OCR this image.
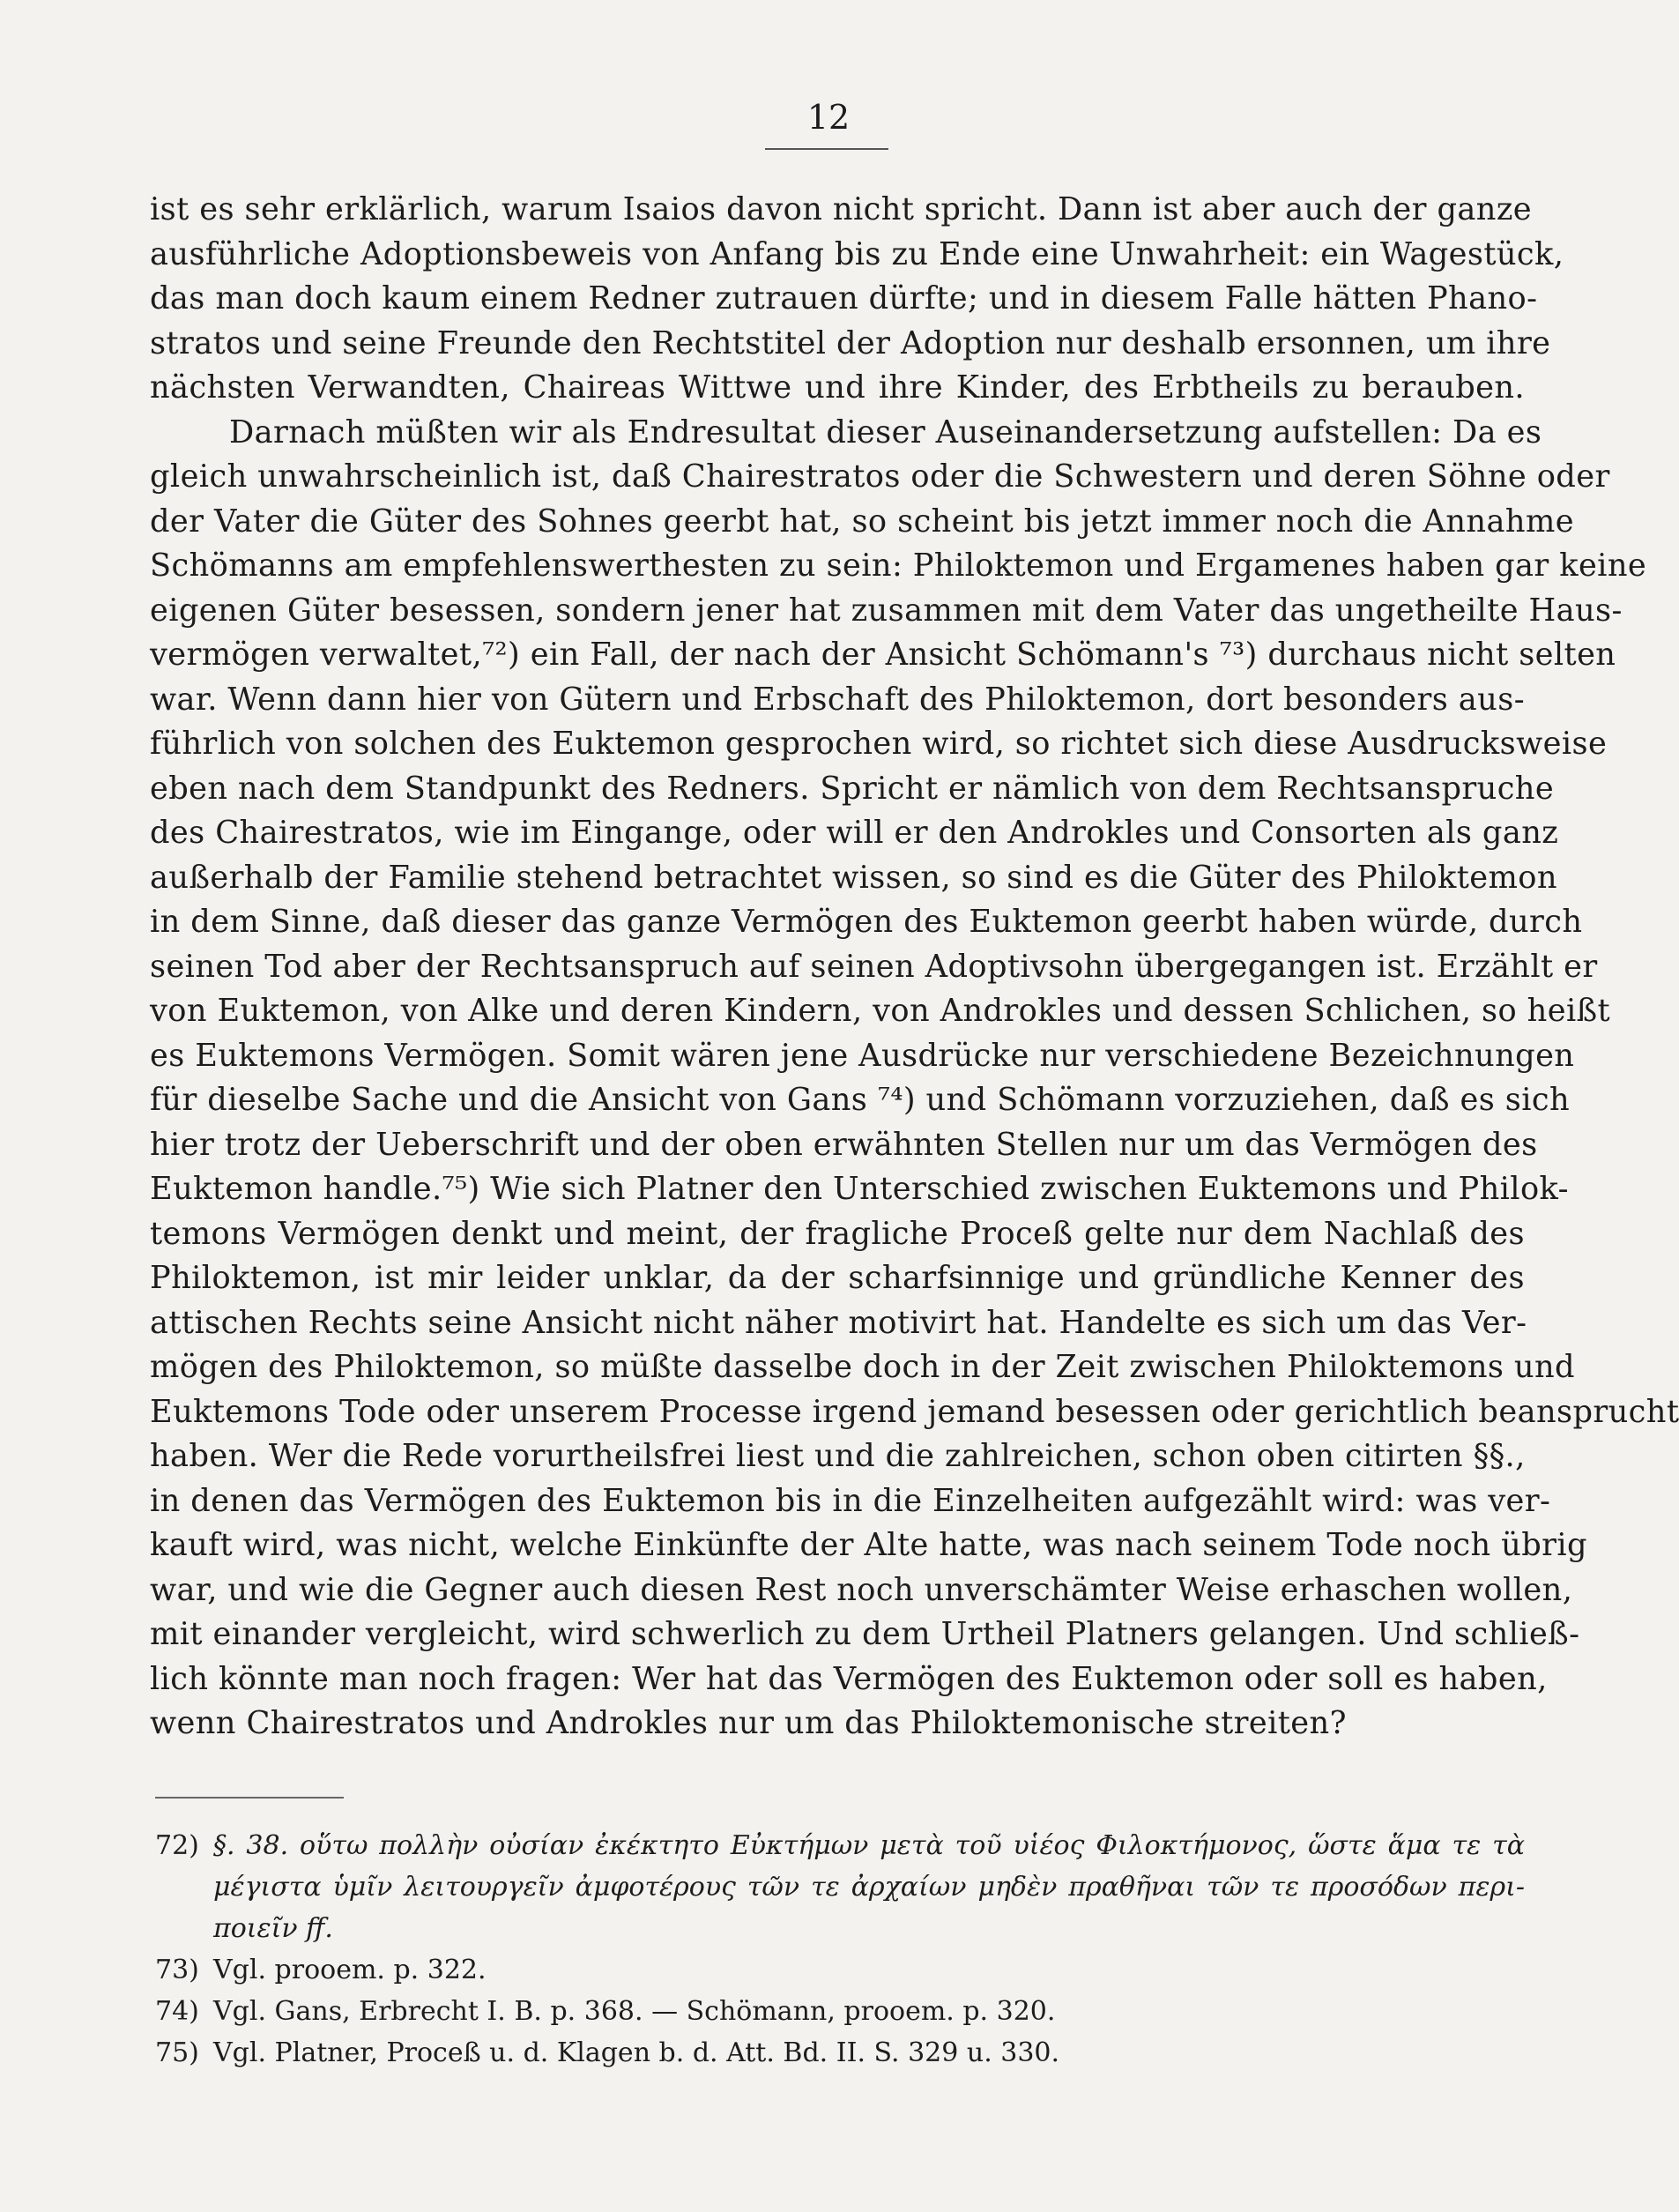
12
ist es sehr erklärlich, warum Isaios davon nicht spricht. Dann ist aber auch der ganze
ausführliche Adoptionsbeweis von Anfang bis zu Ende eine Unwahrheit: ein Wagestück,
das man doch kaum einem Redner zutrauen dürfte; und in diesem Falle hätten Phano-
stratos und seine Freunde den Rechtstitel der Adoption nur deshalb ersonnen, um ihre
nächsten Verwandten, Chaireas Wittwe und ihre Kinder, des Erbtheils zu berauben.
Darnach müßten wir als Endresultat dieser Auseinandersetzung aufstellen: Da es
gleich unwahrscheinlich ist, daß Chairestratos oder die Schwestern und deren Söhne oder
der Vater die Güter des Sohnes geerbt hat, so scheint bis jetzt immer noch die Annahme
Schömanns am empfehlenswerthesten zu sein: Philoktemon und Ergamenes haben gar keine
eigenen Güter besessen, sondern jener hat zusammen mit dem Vater das ungetheilte Haus-
vermögen verwaltet,⁷²) ein Fall, der nach der Ansicht Schömann's ⁷³) durchaus nicht selten
war. Wenn dann hier von Gütern und Erbschaft des Philoktemon, dort besonders aus-
führlich von solchen des Euktemon gesprochen wird, so richtet sich diese Ausdrucksweise
eben nach dem Standpunkt des Redners. Spricht er nämlich von dem Rechtsanspruche
des Chairestratos, wie im Eingange, oder will er den Androkles und Consorten als ganz
außerhalb der Familie stehend betrachtet wissen, so sind es die Güter des Philoktemon
in dem Sinne, daß dieser das ganze Vermögen des Euktemon geerbt haben würde, durch
seinen Tod aber der Rechtsanspruch auf seinen Adoptivsohn übergegangen ist. Erzählt er
von Euktemon, von Alke und deren Kindern, von Androkles und dessen Schlichen, so heißt
es Euktemons Vermögen. Somit wären jene Ausdrücke nur verschiedene Bezeichnungen
für dieselbe Sache und die Ansicht von Gans ⁷⁴) und Schömann vorzuziehen, daß es sich
hier trotz der Ueberschrift und der oben erwähnten Stellen nur um das Vermögen des
Euktemon handle.⁷⁵) Wie sich Platner den Unterschied zwischen Euktemons und Philok-
temons Vermögen denkt und meint, der fragliche Proceß gelte nur dem Nachlaß des
Philoktemon, ist mir leider unklar, da der scharfsinnige und gründliche Kenner des
attischen Rechts seine Ansicht nicht näher motivirt hat. Handelte es sich um das Ver-
mögen des Philoktemon, so müßte dasselbe doch in der Zeit zwischen Philoktemons und
Euktemons Tode oder unserem Processe irgend jemand besessen oder gerichtlich beansprucht
haben. Wer die Rede vorurtheilsfrei liest und die zahlreichen, schon oben citirten §§.,
in denen das Vermögen des Euktemon bis in die Einzelheiten aufgezählt wird: was ver-
kauft wird, was nicht, welche Einkünfte der Alte hatte, was nach seinem Tode noch übrig
war, und wie die Gegner auch diesen Rest noch unverschämter Weise erhaschen wollen,
mit einander vergleicht, wird schwerlich zu dem Urtheil Platners gelangen. Und schließ-
lich könnte man noch fragen: Wer hat das Vermögen des Euktemon oder soll es haben,
wenn Chairestratos und Androkles nur um das Philoktemonische streiten?
72) §. 38. οὕτω πολλὴν οὐσίαν ἐκέκτητο Εὐκτήμων μετὰ τοῦ υἱέος Φιλοκτήμονος, ὥστε ἅμα τε τὰ
μέγιστα ὑμῖν λειτουργεῖν ἀμφοτέρους τῶν τε ἀρχαίων μηδὲν πραθῆναι τῶν τε προσόδων περι-
ποιεῖν ff.
73) Vgl. prooem. p. 322.
74) Vgl. Gans, Erbrecht I. B. p. 368. — Schömann, prooem. p. 320.
75) Vgl. Platner, Proceß u. d. Klagen b. d. Att. Bd. II. S. 329 u. 330.
